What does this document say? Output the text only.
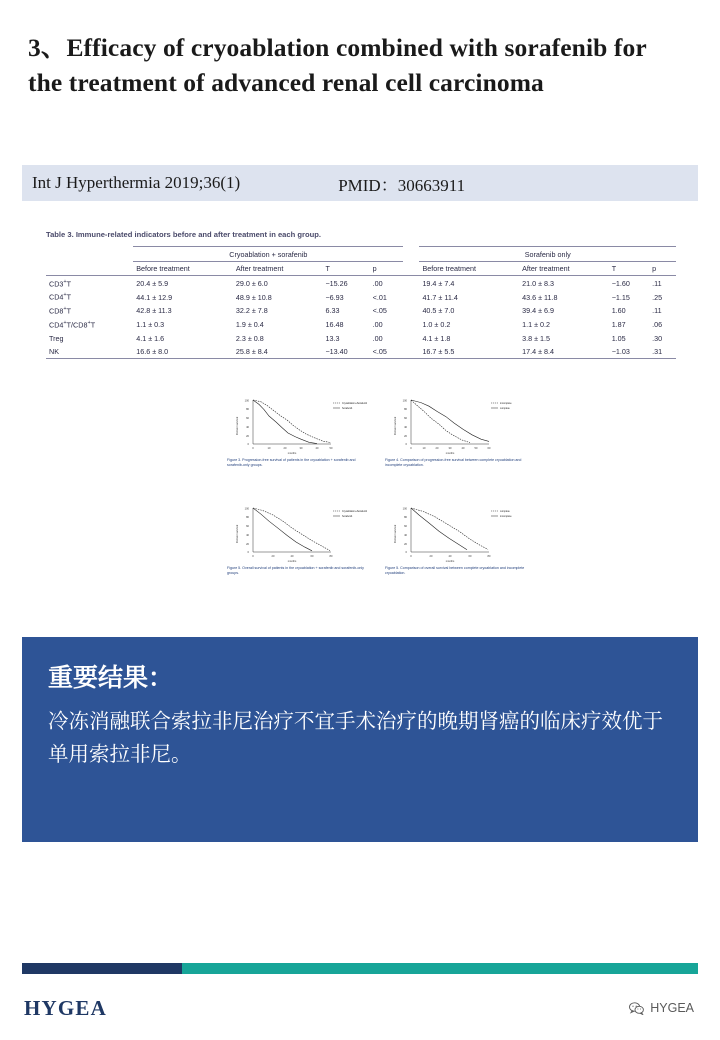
3、Efficacy of cryoablation combined with sorafenib for the treatment of advanced renal cell carcinoma
Int J Hyperthermia 2019;36(1)	PMID：30663911
Table 3. Immune-related indicators before and after treatment in each group.
	Cryoablation + sorafenib					Sorafenib only			
	Before treatment	After treatment	T	p		Before treatment	After treatment	T	p
CD3+T	20.4 ± 5.9	29.0 ± 6.0	−15.26	.00		19.4 ± 7.4	21.0 ± 8.3	−1.60	.11
CD4+T	44.1 ± 12.9	48.9 ± 10.8	−6.93	<.01		41.7 ± 11.4	43.6 ± 11.8	−1.15	.25
CD8+T	42.8 ± 11.3	32.2 ± 7.8	6.33	<.05		40.5 ± 7.0	39.4 ± 6.9	1.60	.11
CD4+T/CD8+T	1.1 ± 0.3	1.9 ± 0.4	16.48	.00		1.0 ± 0.2	1.1 ± 0.2	1.87	.06
Treg	4.1 ± 1.6	2.3 ± 0.8	13.3	.00		4.1 ± 1.8	3.8 ± 1.5	1.05	.30
NK	16.6 ± 8.0	25.8 ± 8.4	−13.40	<.05		16.7 ± 5.5	17.4 ± 8.4	−1.03	.31
100
80
60
40
20
0
0	10	20	30	40	50
months
Percent survival
Cryoablation+Sorafenib
Sorafenib
Figure 3. Progression-free survival of patients in the cryoablation + sorafenib and sorafenib-only groups.
100
80
60
40
20
0
0	10	20	30	40	50	60
months
Percent survival
incomplete
complete
Figure 4. Comparison of progression-free survival between complete cryoablation and incomplete cryoablation.
100
80
60
40
20
0
0	20	40	60	80
months
Percent survival
Cryoablation+Sorafenib
Sorafenib
Figure 5. Overall survival of patients in the cryoablation + sorafenib and sorafenib-only groups.
100
80
60
40
20
0
0	20	40	60	80
months
Percent survival
complete
incomplete
Figure 5. Comparison of overall survival between complete cryoablation and incomplete cryoablation.
重要结果：
冷冻消融联合索拉非尼治疗不宜手术治疗的晚期肾癌的临床疗效优于单用索拉非尼。
HYGEA	HYGEA
